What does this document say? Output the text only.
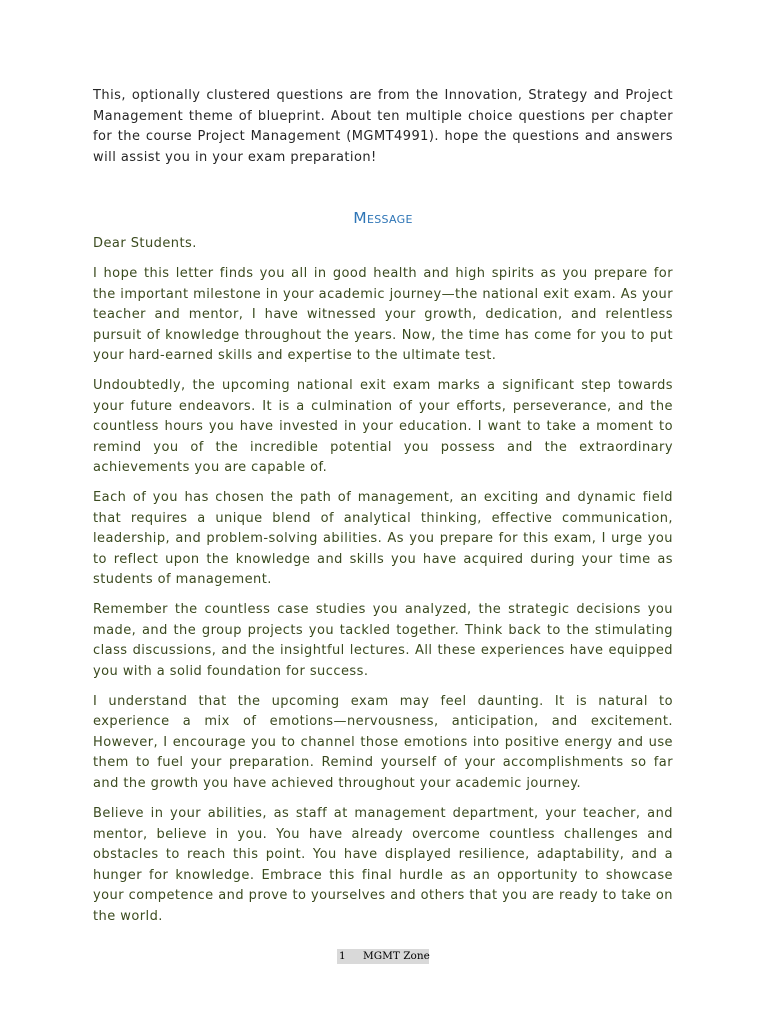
This, optionally clustered questions are from the Innovation, Strategy and Project Management theme of blueprint. About ten multiple choice questions per chapter for the course Project Management (MGMT4991). hope the questions and answers will assist you in your exam preparation!

Message

Dear Students.

I hope this letter finds you all in good health and high spirits as you prepare for the important milestone in your academic journey—the national exit exam. As your teacher and mentor, I have witnessed your growth, dedication, and relentless pursuit of knowledge throughout the years. Now, the time has come for you to put your hard-earned skills and expertise to the ultimate test.

Undoubtedly, the upcoming national exit exam marks a significant step towards your future endeavors. It is a culmination of your efforts, perseverance, and the countless hours you have invested in your education. I want to take a moment to remind you of the incredible potential you possess and the extraordinary achievements you are capable of.

Each of you has chosen the path of management, an exciting and dynamic field that requires a unique blend of analytical thinking, effective communication, leadership, and problem-solving abilities. As you prepare for this exam, I urge you to reflect upon the knowledge and skills you have acquired during your time as students of management.

Remember the countless case studies you analyzed, the strategic decisions you made, and the group projects you tackled together. Think back to the stimulating class discussions, and the insightful lectures. All these experiences have equipped you with a solid foundation for success.

I understand that the upcoming exam may feel daunting. It is natural to experience a mix of emotions—nervousness, anticipation, and excitement. However, I encourage you to channel those emotions into positive energy and use them to fuel your preparation. Remind yourself of your accomplishments so far and the growth you have achieved throughout your academic journey.

Believe in your abilities, as staff at management department, your teacher, and mentor, believe in you. You have already overcome countless challenges and obstacles to reach this point. You have displayed resilience, adaptability, and a hunger for knowledge. Embrace this final hurdle as an opportunity to showcase your competence and prove to yourselves and others that you are ready to take on the world.

1 MGMT Zone
